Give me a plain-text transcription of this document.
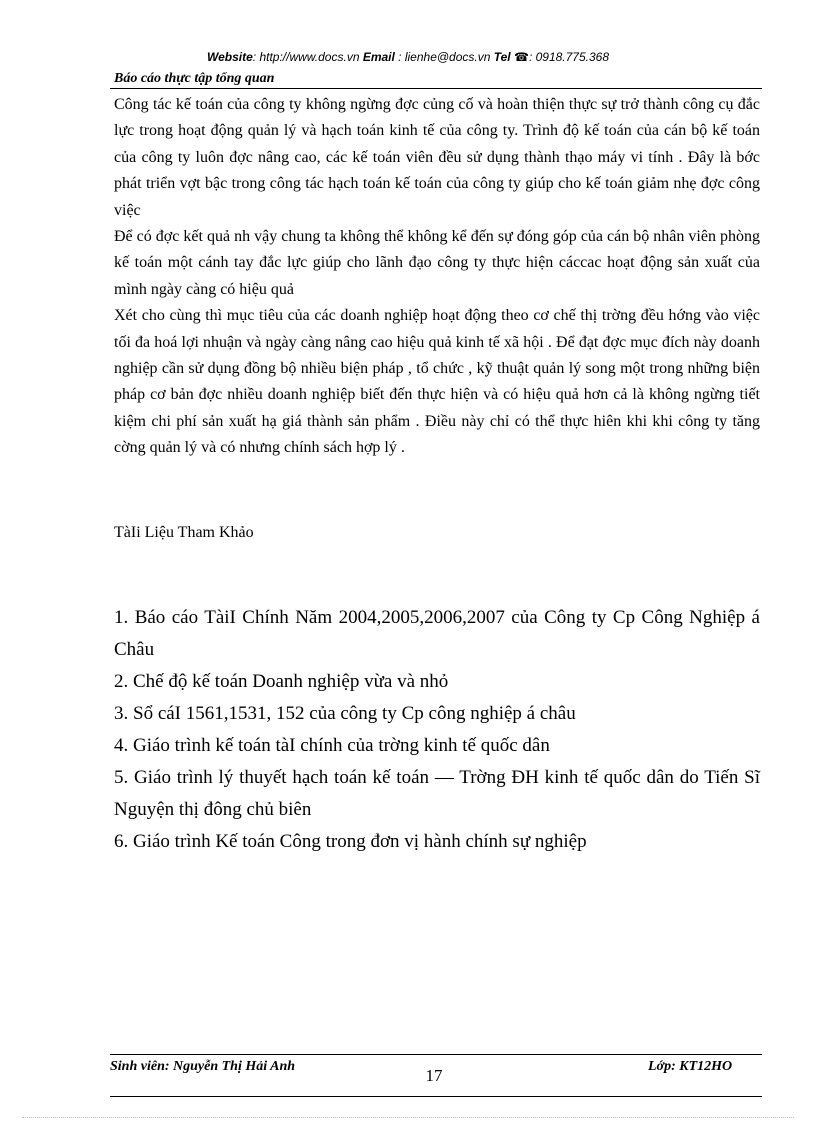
Website: http://www.docs.vn Email : lienhe@docs.vn Tel ☎: 0918.775.368
Báo cáo thực tập tổng quan

Công tác kế toán của công ty không ngừng đợc củng cố và hoàn thiện thực sự trở thành công cụ đắc lực trong hoạt động quản lý và hạch toán kinh tế của công ty. Trình độ kế toán của cán bộ kế toán của công ty luôn đợc nâng cao, các kế toán viên đều sử dụng thành thạo máy vi tính . Đây là bớc phát triển vợt bậc trong công tác hạch toán kế toán của công ty giúp cho kế toán giảm nhẹ đợc công việc

Để có đợc kết quả nh vậy chung ta không thể không kể đến sự đóng góp của cán bộ nhân viên phòng kế toán một cánh tay đắc lực giúp cho lãnh đạo công ty thực hiện cáccac hoạt động sản xuất của mình ngày càng có hiệu quả

Xét cho cùng thì mục tiêu của các doanh nghiệp hoạt động theo cơ chế thị trờng đều hớng vào việc tối đa hoá lợi nhuận và ngày càng nâng cao hiệu quả kinh tế xã hội . Để đạt đợc mục đích này doanh nghiệp cần sử dụng đồng bộ nhiều biện pháp , tổ chức , kỹ thuật quản lý song một trong những biện pháp cơ bản đợc nhiều doanh nghiệp biết đến thực hiện và có hiệu quả hơn cả là không ngừng tiết kiệm chi phí sản xuất hạ giá thành sản phẩm . Điều này chỉ có thể thực hiên khi khi công ty tăng cờng quản lý và có nhưng chính sách hợp lý .

TàIi Liệu Tham Khảo
1. Báo cáo TàiI Chính Năm 2004,2005,2006,2007 của Công ty Cp Công Nghiệp á Châu
2. Chế độ kế toán Doanh nghiệp vừa và nhỏ
3. Sổ cáI 1561,1531, 152 của công ty Cp công nghiệp á châu
4. Giáo trình kế toán tàI chính của trờng kinh tế quốc dân
5. Giáo trình lý thuyết hạch toán kế toán — Trờng ĐH kinh tế quốc dân do Tiến Sĩ Nguyện thị đông chủ biên
6. Giáo trình Kế toán Công trong đơn vị hành chính sự nghiệp
Sinh viên: Nguyễn Thị Hải Anh	Lớp: KT12HO
17
